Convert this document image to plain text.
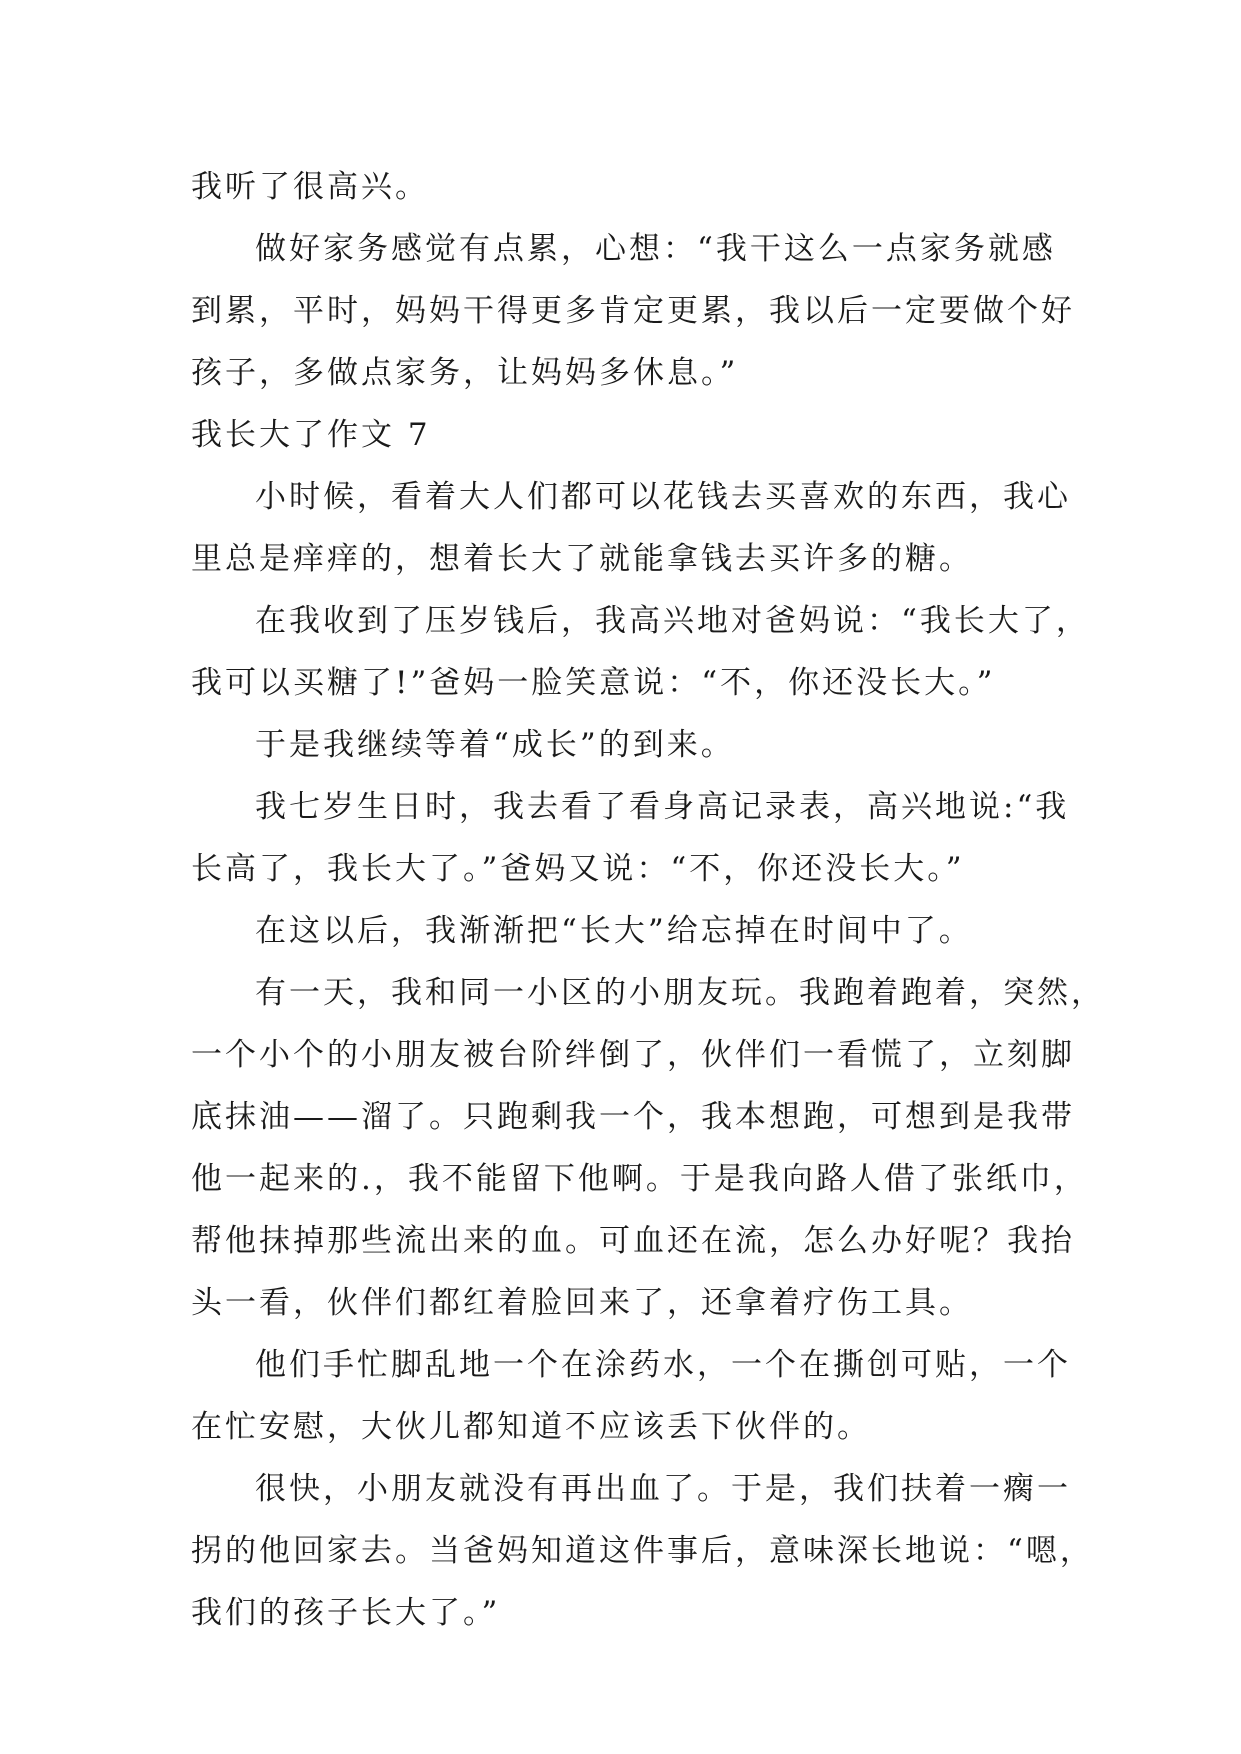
我听了很高兴。

做好家务感觉有点累，心想：“我干这么一点家务就感

到累，平时，妈妈干得更多肯定更累，我以后一定要做个好

孩子，多做点家务，让妈妈多休息。”

我长大了作文 7

小时候，看着大人们都可以花钱去买喜欢的东西，我心

里总是痒痒的，想着长大了就能拿钱去买许多的糖。

在我收到了压岁钱后，我高兴地对爸妈说：“我长大了，

我可以买糖了!”爸妈一脸笑意说：“不，你还没长大。”

于是我继续等着“成长”的到来。

我七岁生日时，我去看了看身高记录表，高兴地说:“我

长高了，我长大了。”爸妈又说：“不，你还没长大。”

在这以后，我渐渐把“长大”给忘掉在时间中了。

有一天，我和同一小区的小朋友玩。我跑着跑着，突然，

一个小个的小朋友被台阶绊倒了，伙伴们一看慌了，立刻脚

底抹油——溜了。只跑剩我一个，我本想跑，可想到是我带

他一起来的.，我不能留下他啊。于是我向路人借了张纸巾，

帮他抹掉那些流出来的血。可血还在流，怎么办好呢？我抬

头一看，伙伴们都红着脸回来了，还拿着疗伤工具。

他们手忙脚乱地一个在涂药水，一个在撕创可贴，一个

在忙安慰，大伙儿都知道不应该丢下伙伴的。

很快，小朋友就没有再出血了。于是，我们扶着一瘸一

拐的他回家去。当爸妈知道这件事后，意味深长地说：“嗯，

我们的孩子长大了。”
